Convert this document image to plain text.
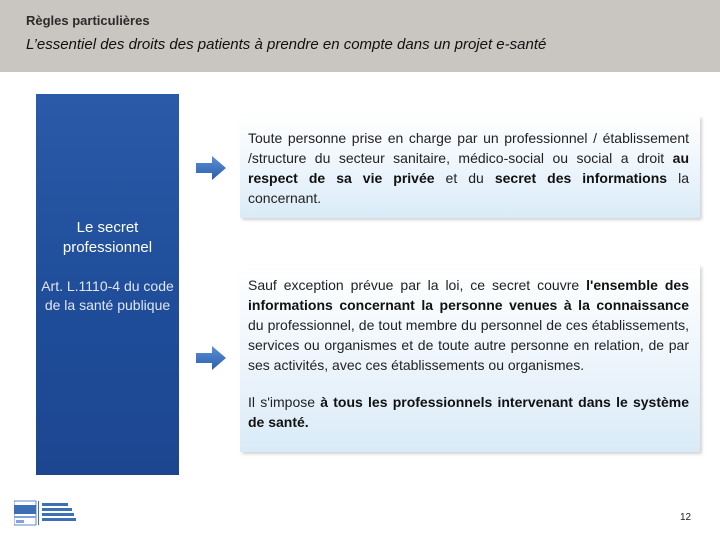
Règles particulières
L’essentiel des droits des patients à prendre en compte dans un projet e-santé
Le secret professionnel
Art. L.1110-4 du code de la santé publique

Toute personne prise en charge par un professionnel / établissement /structure du secteur sanitaire, médico-social ou social a droit au respect de sa vie privée et du secret des informations la concernant.

Sauf exception prévue par la loi, ce secret couvre l'ensemble des informations concernant la personne venues à la connaissance du professionnel, de tout membre du personnel de ces établissements, services ou organismes et de toute autre personne en relation, de par ses activités, avec ces établissements ou organismes.

Il s'impose à tous les professionnels intervenant dans le système de santé.

12
